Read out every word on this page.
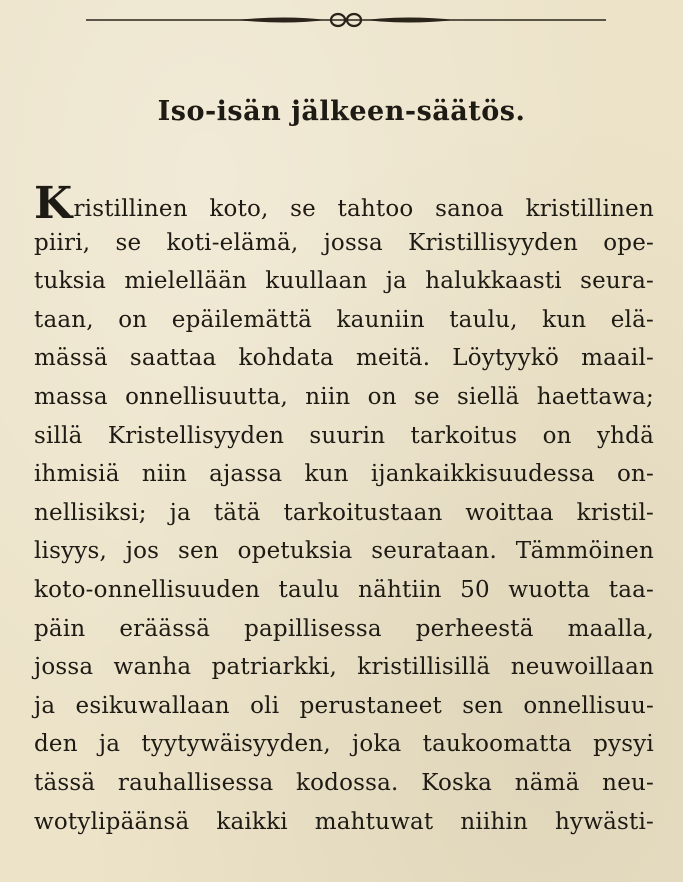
Iso-isän jälkeen-säätös.
Kristillinen koto, se tahtoo sanoa kristillinen
piiri, se koti-elämä, jossa Kristillisyyden ope-
tuksia mielellään kuullaan ja halukkaasti seura-
taan, on epäilemättä kauniin taulu, kun elä-
mässä saattaa kohdata meitä. Löytyykö maail-
massa onnellisuutta, niin on se siellä haettawa;
sillä Kristellisyyden suurin tarkoitus on yhdä
ihmisiä niin ajassa kun ijankaikkisuudessa on-
nellisiksi; ja tätä tarkoitustaan woittaa kristil-
lisyys, jos sen opetuksia seurataan. Tämmöinen
koto-onnellisuuden taulu nähtiin 50 wuotta taa-
päin eräässä papillisessa perheestä maalla,
jossa wanha patriarkki, kristillisillä neuwoillaan
ja esikuwallaan oli perustaneet sen onnellisuu-
den ja tyytywäisyyden, joka taukoomatta pysyi
tässä rauhallisessa kodossa. Koska nämä neu-
wotylipäänsä kaikki mahtuwat niihin hywästi-
